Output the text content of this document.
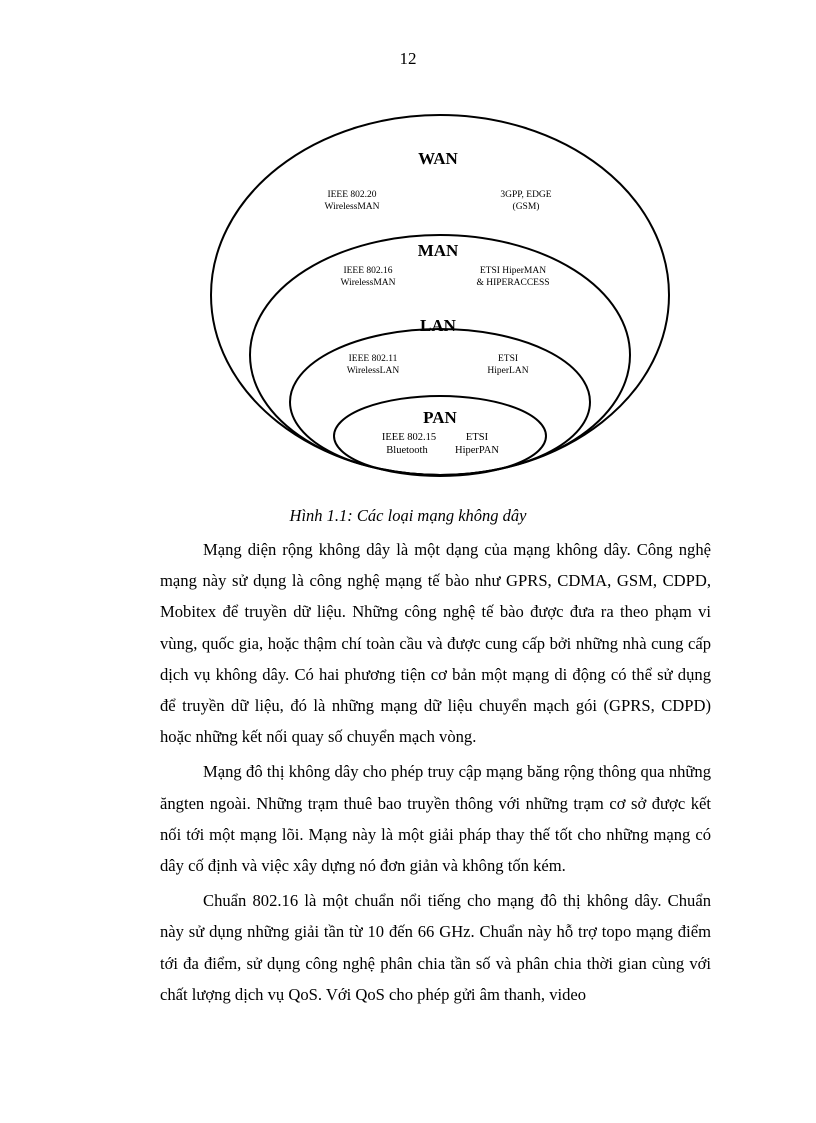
12
WAN
IEEE 802.20
WirelessMAN
3GPP, EDGE
(GSM)
MAN
IEEE 802.16
WirelessMAN
ETSI HiperMAN
& HIPERACCESS
LAN
IEEE 802.11
WirelessLAN
ETSI
HiperLAN
PAN
IEEE 802.15
Bluetooth
ETSI
HiperPAN
Hình 1.1: Các loại mạng không dây

Mạng diện rộng không dây là một dạng của mạng không dây. Công nghệ mạng này sử dụng là công nghệ mạng tế bào như GPRS, CDMA, GSM, CDPD, Mobitex để truyền dữ liệu. Những công nghệ tế bào được đưa ra theo phạm vi vùng, quốc gia, hoặc thậm chí toàn cầu và được cung cấp bởi những nhà cung cấp dịch vụ không dây. Có hai phương tiện cơ bản một mạng di động có thể sử dụng để truyền dữ liệu, đó là những mạng dữ liệu chuyển mạch gói (GPRS, CDPD) hoặc những kết nối quay số chuyển mạch vòng.

Mạng đô thị không dây cho phép truy cập mạng băng rộng thông qua những ăngten ngoài. Những trạm thuê bao truyền thông với những trạm cơ sở được kết nối tới một mạng lõi. Mạng này là một giải pháp thay thế tốt cho những mạng có dây cố định và việc xây dựng nó đơn giản và không tốn kém.

Chuẩn 802.16 là một chuẩn nổi tiếng cho mạng đô thị không dây. Chuẩn này sử dụng những giải tần từ 10 đến 66 GHz. Chuẩn này hỗ trợ topo mạng điểm tới đa điểm, sử dụng công nghệ phân chia tần số và phân chia thời gian cùng với chất lượng dịch vụ QoS. Với QoS cho phép gửi âm thanh, video
